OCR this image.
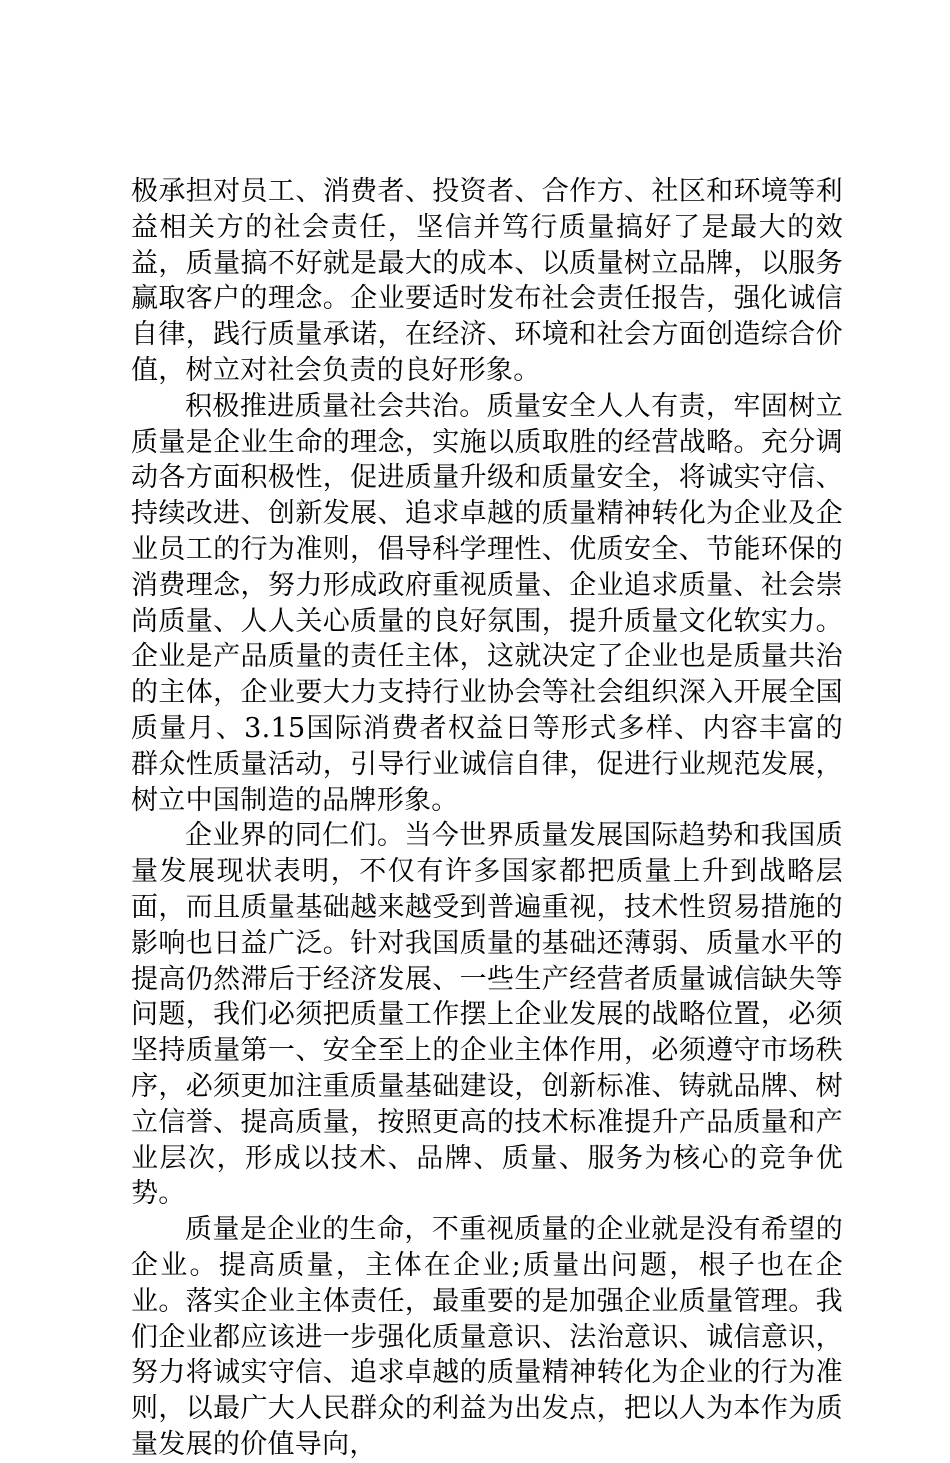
极承担对员工、消费者、投资者、合作方、社区和环境等利益相关方的社会责任，坚信并笃行质量搞好了是最大的效益，质量搞不好就是最大的成本、以质量树立品牌，以服务赢取客户的理念。企业要适时发布社会责任报告，强化诚信自律，践行质量承诺，在经济、环境和社会方面创造综合价值，树立对社会负责的良好形象。

积极推进质量社会共治。质量安全人人有责，牢固树立质量是企业生命的理念，实施以质取胜的经营战略。充分调动各方面积极性，促进质量升级和质量安全，将诚实守信、持续改进、创新发展、追求卓越的质量精神转化为企业及企业员工的行为准则，倡导科学理性、优质安全、节能环保的消费理念，努力形成政府重视质量、企业追求质量、社会崇尚质量、人人关心质量的良好氛围，提升质量文化软实力。企业是产品质量的责任主体，这就决定了企业也是质量共治的主体，企业要大力支持行业协会等社会组织深入开展全国质量月、3.15国际消费者权益日等形式多样、内容丰富的群众性质量活动，引导行业诚信自律，促进行业规范发展，树立中国制造的品牌形象。

企业界的同仁们。当今世界质量发展国际趋势和我国质量发展现状表明，不仅有许多国家都把质量上升到战略层面，而且质量基础越来越受到普遍重视，技术性贸易措施的影响也日益广泛。针对我国质量的基础还薄弱、质量水平的提高仍然滞后于经济发展、一些生产经营者质量诚信缺失等问题，我们必须把质量工作摆上企业发展的战略位置，必须坚持质量第一、安全至上的企业主体作用，必须遵守市场秩序，必须更加注重质量基础建设，创新标准、铸就品牌、树立信誉、提高质量，按照更高的技术标准提升产品质量和产业层次，形成以技术、品牌、质量、服务为核心的竞争优势。

质量是企业的生命，不重视质量的企业就是没有希望的企业。提高质量，主体在企业;质量出问题，根子也在企业。落实企业主体责任，最重要的是加强企业质量管理。我们企业都应该进一步强化质量意识、法治意识、诚信意识，努力将诚实守信、追求卓越的质量精神转化为企业的行为准则，以最广大人民群众的利益为出发点，把以人为本作为质量发展的价值导向，
